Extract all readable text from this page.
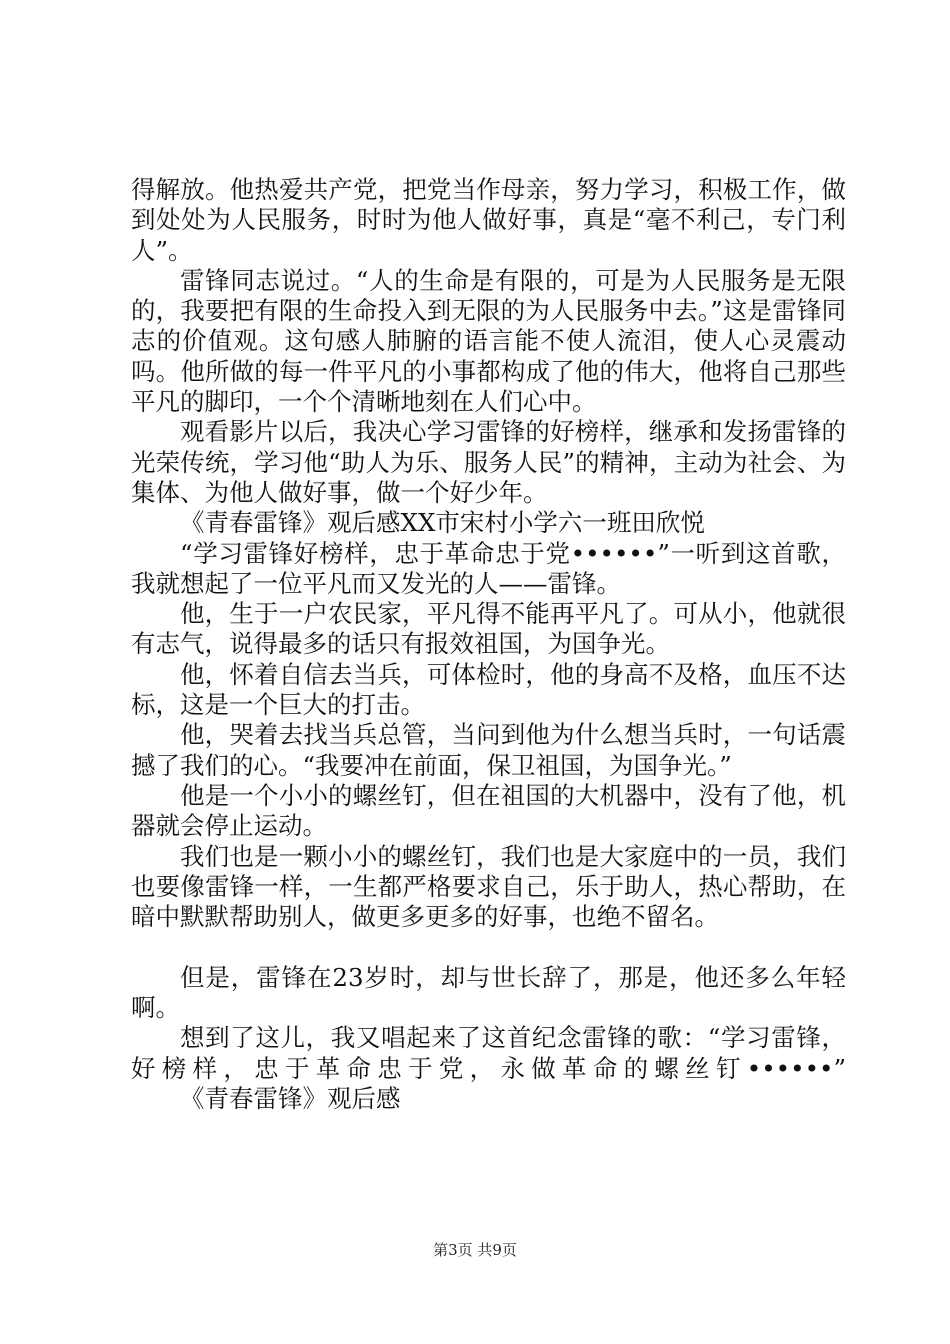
得解放。他热爱共产党，把党当作母亲，努力学习，积极工作，做到处处为人民服务，时时为他人做好事，真是“毫不利己，专门利人”。

雷锋同志说过。“人的生命是有限的，可是为人民服务是无限的，我要把有限的生命投入到无限的为人民服务中去。”这是雷锋同志的价值观。这句感人肺腑的语言能不使人流泪，使人心灵震动吗。他所做的每一件平凡的小事都构成了他的伟大，他将自己那些平凡的脚印，一个个清晰地刻在人们心中。

观看影片以后，我决心学习雷锋的好榜样，继承和发扬雷锋的光荣传统，学习他“助人为乐、服务人民”的精神，主动为社会、为集体、为他人做好事，做一个好少年。

《青春雷锋》观后感XX市宋村小学六一班田欣悦

“学习雷锋好榜样，忠于革命忠于党••••••”一听到这首歌，我就想起了一位平凡而又发光的人——雷锋。

他，生于一户农民家，平凡得不能再平凡了。可从小，他就很有志气，说得最多的话只有报效祖国，为国争光。

他，怀着自信去当兵，可体检时，他的身高不及格，血压不达标，这是一个巨大的打击。

他，哭着去找当兵总管，当问到他为什么想当兵时，一句话震撼了我们的心。“我要冲在前面，保卫祖国，为国争光。”

他是一个小小的螺丝钉，但在祖国的大机器中，没有了他，机器就会停止运动。

我们也是一颗小小的螺丝钉，我们也是大家庭中的一员，我们也要像雷锋一样，一生都严格要求自己，乐于助人，热心帮助，在暗中默默帮助别人，做更多更多的好事，也绝不留名。

但是，雷锋在23岁时，却与世长辞了，那是，他还多么年轻啊。

想到了这儿，我又唱起来了这首纪念雷锋的歌：“学习雷锋，好榜样，忠于革命忠于党，永做革命的螺丝钉••••••”

《青春雷锋》观后感

第3页 共9页
